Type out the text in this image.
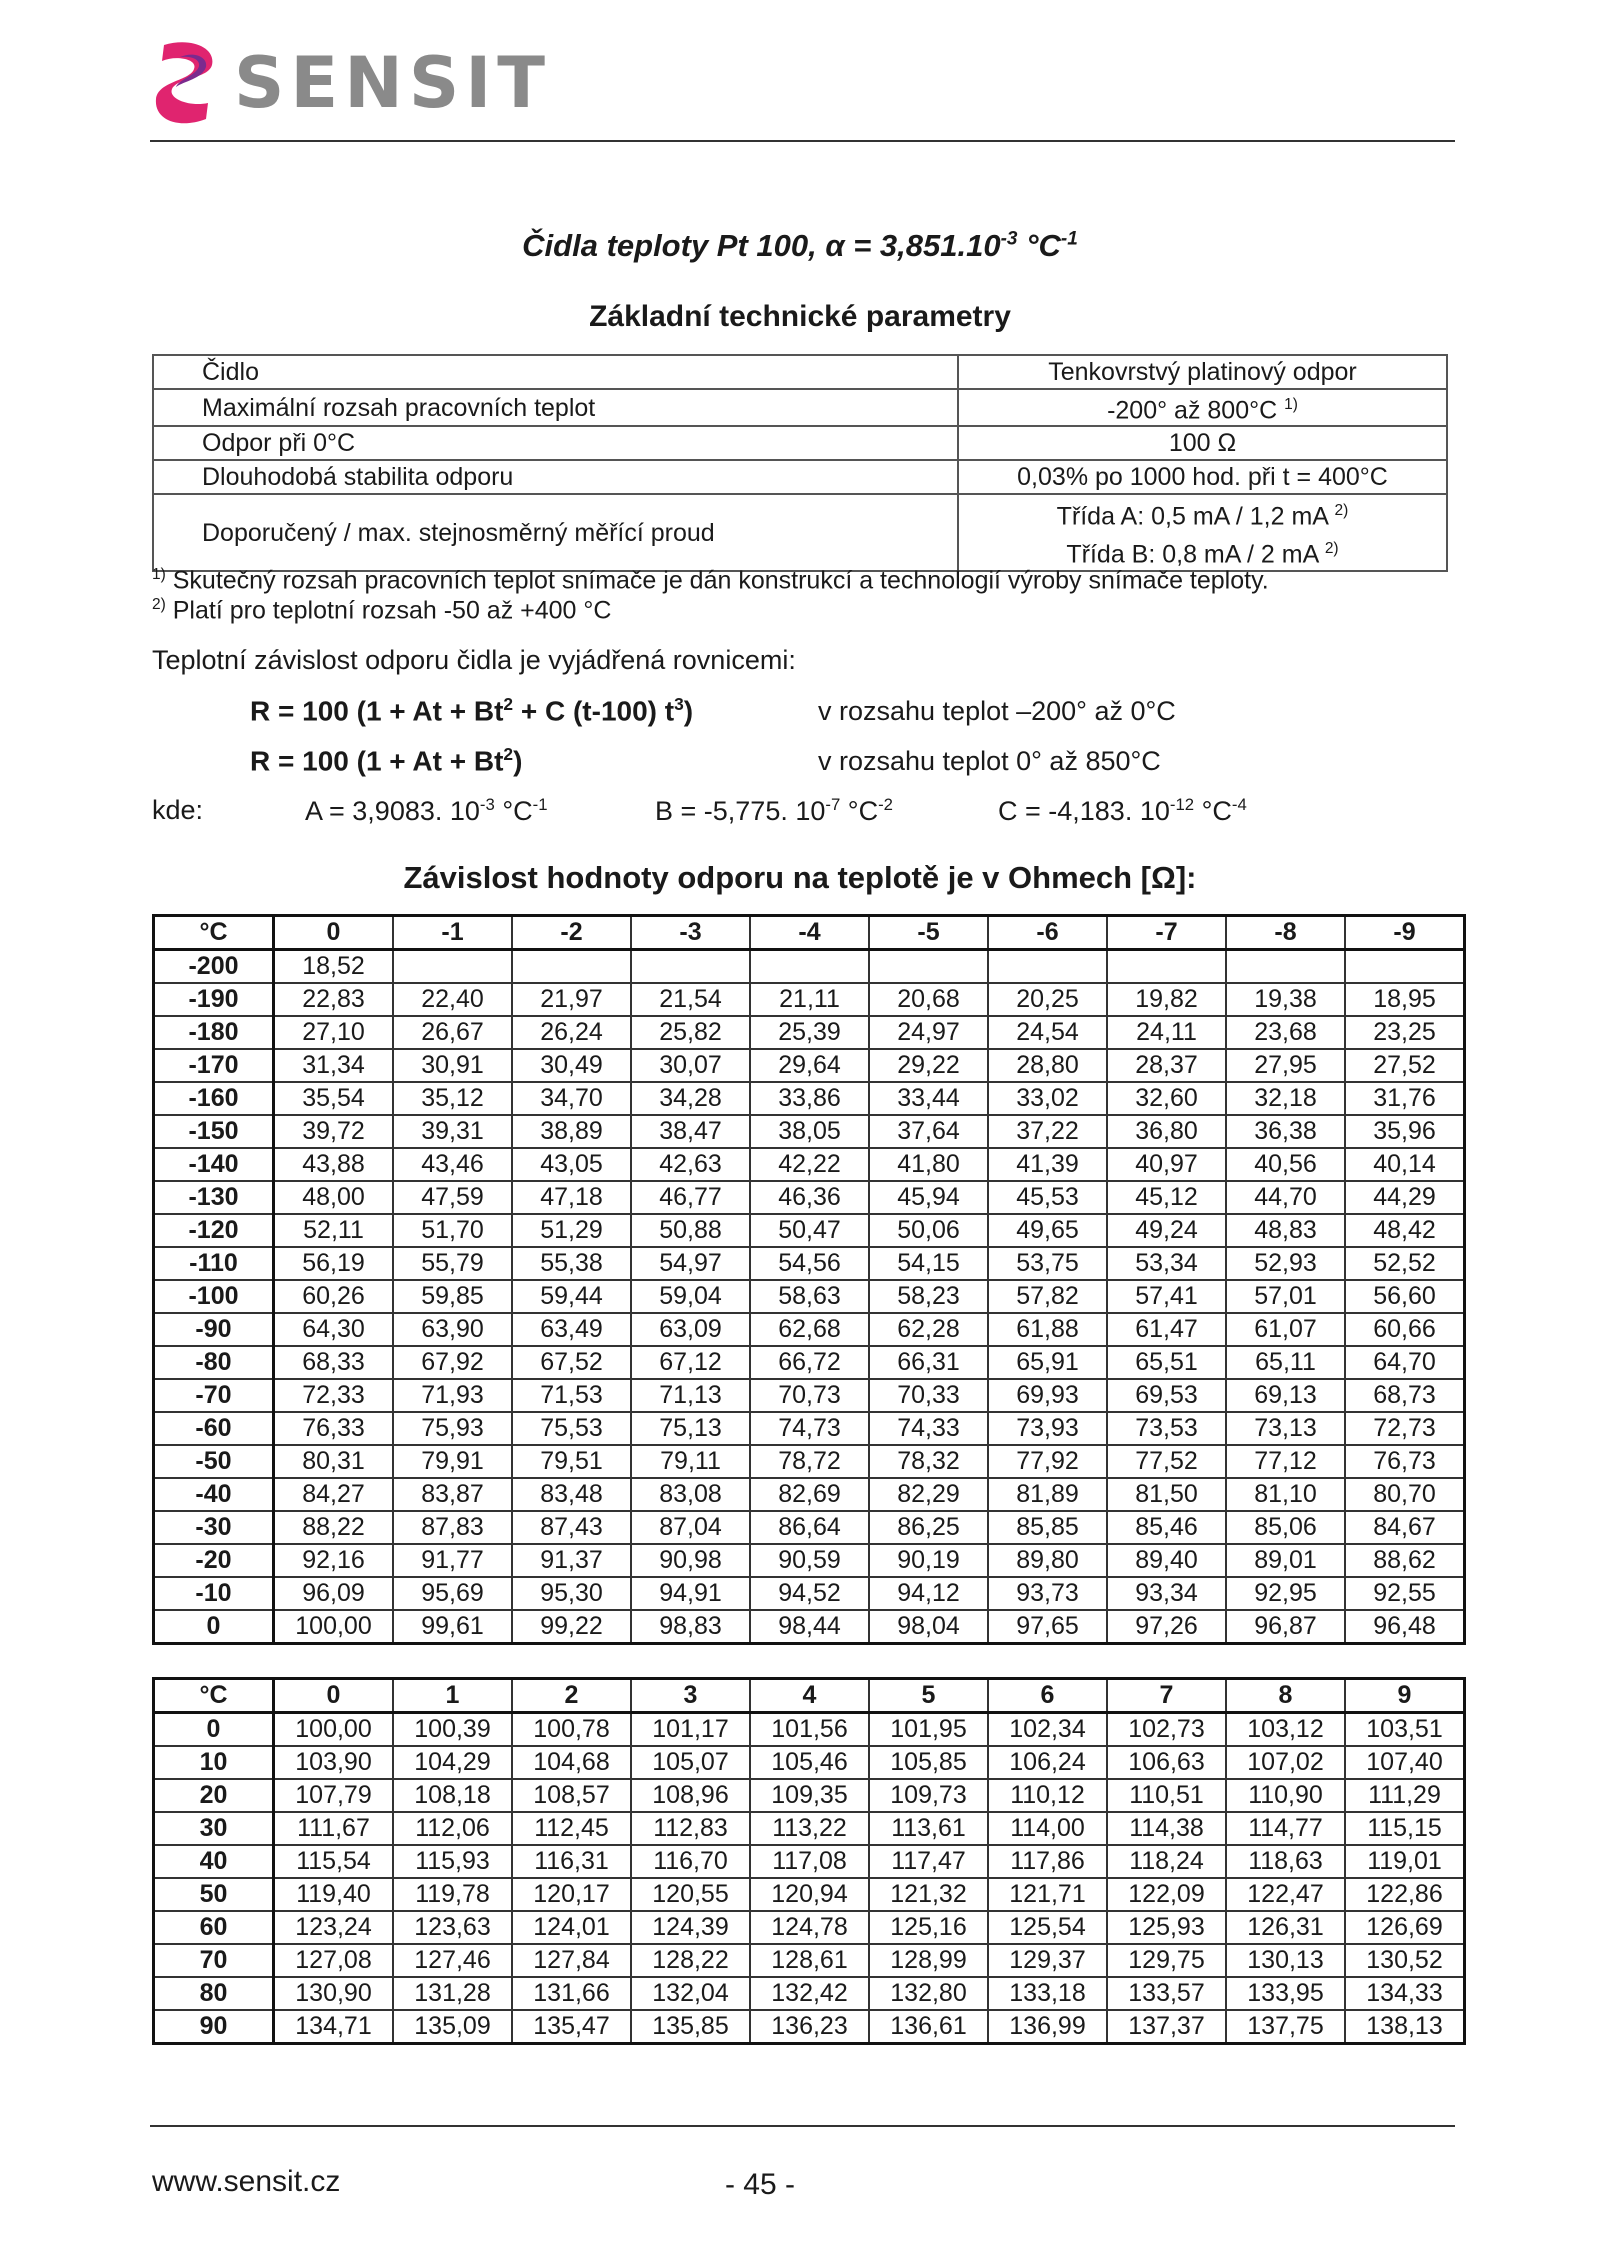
SENSIT
Čidla teploty Pt 100, $\alpha = 3,851.10^{-3}$ $^\circ C^{-1}$
Základní technické parametry
Čidlo	Tenkovrstvý platinový odpor
Maximální rozsah pracovních teplot	-200° až 800°C $^{1)}$
Odpor při 0°C	100 Ω
Dlouhodobá stabilita odporu	0,03% po 1000 hod. při t = 400°C
Doporučený / max. stejnosměrný měřící proud	Třída A: 0,5 mA / 1,2 mA $^{2)}$
Třída B: 0,8 mA / 2 mA $^{2)}$
$^{1)}$ Skutečný rozsah pracovních teplot snímače je dán konstrukcí a technologií výroby snímače teploty.
$^{2)}$ Platí pro teplotní rozsah -50 až +400 °C
Teplotní závislost odporu čidla je vyjádřená rovnicemi:
R = 100 ($1 + At + Bt^2 + C$ (t-100) $t^3$)	v rozsahu teplot –200° až 0°C
R = 100 $(1 + At + Bt^2)$	v rozsahu teplot 0° až 850°C
kde:	A = 3,9083. $10^{-3}$ $^\circ C^{-1}$	B = -5,775. $10^{-7}$ $^\circ C^{-2}$	C = -4,183. $10^{-12}$ $^\circ C^{-4}$
Závislost hodnoty odporu na teplotě je v Ohmech [Ω]:
°C	0	-1	-2	-3	-4	-5	-6	-7	-8	-9
-200	18,52									
-190	22,83	22,40	21,97	21,54	21,11	20,68	20,25	19,82	19,38	18,95
-180	27,10	26,67	26,24	25,82	25,39	24,97	24,54	24,11	23,68	23,25
-170	31,34	30,91	30,49	30,07	29,64	29,22	28,80	28,37	27,95	27,52
-160	35,54	35,12	34,70	34,28	33,86	33,44	33,02	32,60	32,18	31,76
-150	39,72	39,31	38,89	38,47	38,05	37,64	37,22	36,80	36,38	35,96
-140	43,88	43,46	43,05	42,63	42,22	41,80	41,39	40,97	40,56	40,14
-130	48,00	47,59	47,18	46,77	46,36	45,94	45,53	45,12	44,70	44,29
-120	52,11	51,70	51,29	50,88	50,47	50,06	49,65	49,24	48,83	48,42
-110	56,19	55,79	55,38	54,97	54,56	54,15	53,75	53,34	52,93	52,52
-100	60,26	59,85	59,44	59,04	58,63	58,23	57,82	57,41	57,01	56,60
-90	64,30	63,90	63,49	63,09	62,68	62,28	61,88	61,47	61,07	60,66
-80	68,33	67,92	67,52	67,12	66,72	66,31	65,91	65,51	65,11	64,70
-70	72,33	71,93	71,53	71,13	70,73	70,33	69,93	69,53	69,13	68,73
-60	76,33	75,93	75,53	75,13	74,73	74,33	73,93	73,53	73,13	72,73
-50	80,31	79,91	79,51	79,11	78,72	78,32	77,92	77,52	77,12	76,73
-40	84,27	83,87	83,48	83,08	82,69	82,29	81,89	81,50	81,10	80,70
-30	88,22	87,83	87,43	87,04	86,64	86,25	85,85	85,46	85,06	84,67
-20	92,16	91,77	91,37	90,98	90,59	90,19	89,80	89,40	89,01	88,62
-10	96,09	95,69	95,30	94,91	94,52	94,12	93,73	93,34	92,95	92,55
0	100,00	99,61	99,22	98,83	98,44	98,04	97,65	97,26	96,87	96,48
°C	0	1	2	3	4	5	6	7	8	9
0	100,00	100,39	100,78	101,17	101,56	101,95	102,34	102,73	103,12	103,51
10	103,90	104,29	104,68	105,07	105,46	105,85	106,24	106,63	107,02	107,40
20	107,79	108,18	108,57	108,96	109,35	109,73	110,12	110,51	110,90	111,29
30	111,67	112,06	112,45	112,83	113,22	113,61	114,00	114,38	114,77	115,15
40	115,54	115,93	116,31	116,70	117,08	117,47	117,86	118,24	118,63	119,01
50	119,40	119,78	120,17	120,55	120,94	121,32	121,71	122,09	122,47	122,86
60	123,24	123,63	124,01	124,39	124,78	125,16	125,54	125,93	126,31	126,69
70	127,08	127,46	127,84	128,22	128,61	128,99	129,37	129,75	130,13	130,52
80	130,90	131,28	131,66	132,04	132,42	132,80	133,18	133,57	133,95	134,33
90	134,71	135,09	135,47	135,85	136,23	136,61	136,99	137,37	137,75	138,13
www.sensit.cz	- 45 -
